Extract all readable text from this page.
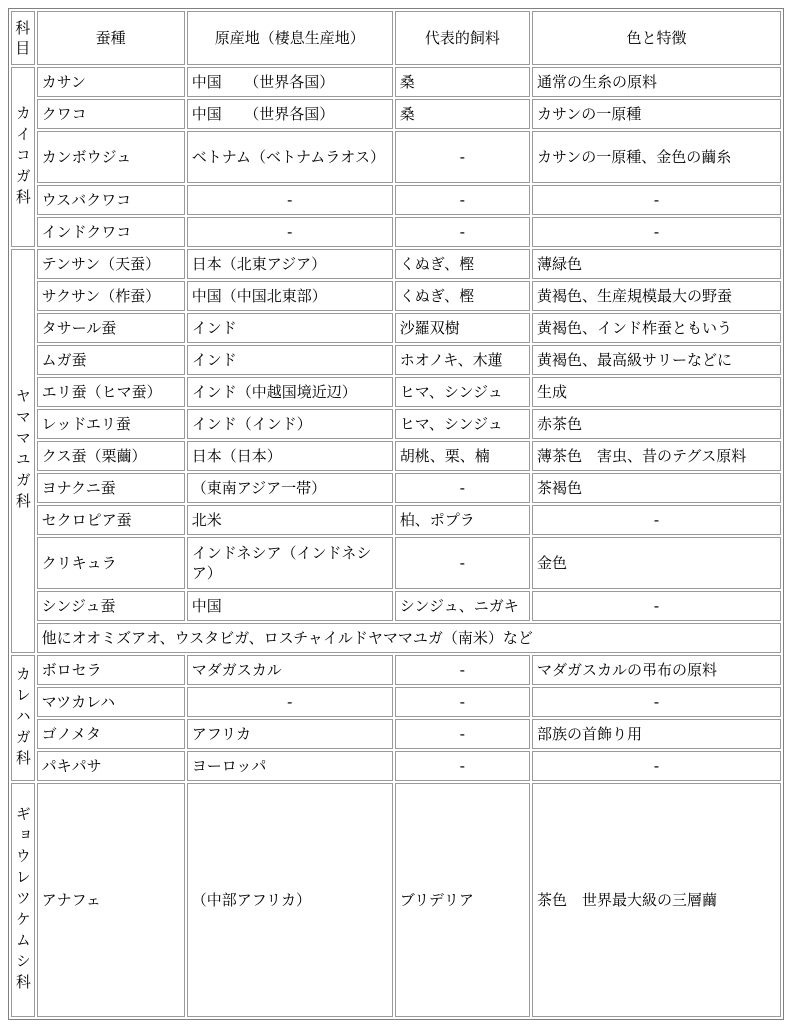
科
目	蚕種	原産地（棲息生産地）	代表的飼料	色と特徴
カイコガ科	カサン	中国　　（世界各国）	桑	通常の生糸の原料
	クワコ	中国　　（世界各国）	桑	カサンの一原種
	カンボウジュ	ベトナム（ベトナムラオス）	-	カサンの一原種、金色の繭糸
	ウスバクワコ	-	-	-
	インドクワコ	-	-	-
ヤママユガ科	テンサン（天蚕）	日本（北東アジア）	くぬぎ、樫	薄緑色
	サクサン（柞蚕）	中国（中国北東部）	くぬぎ、樫	黄褐色、生産規模最大の野蚕
	タサール蚕	インド	沙羅双樹	黄褐色、インド柞蚕ともいう
	ムガ蚕	インド	ホオノキ、木蓮	黄褐色、最高級サリーなどに
	エリ蚕（ヒマ蚕）	インド（中越国境近辺）	ヒマ、シンジュ	生成
	レッドエリ蚕	インド（インド）	ヒマ、シンジュ	赤茶色
	クス蚕（栗繭）	日本（日本）	胡桃、栗、楠	薄茶色　害虫、昔のテグス原料
	ヨナクニ蚕	（東南アジア一帯）	-	茶褐色
	セクロピア蚕	北米	柏、ポプラ	-
	クリキュラ	インドネシア（インドネシア）	-	金色
	シンジュ蚕	中国	シンジュ、ニガキ	-
	他にオオミズアオ、ウスタビガ、ロスチャイルドヤママユガ（南米）など			
カレハガ科	ボロセラ	マダガスカル	-	マダガスカルの弔布の原料
	マツカレハ	-	-	-
	ゴノメタ	アフリカ	-	部族の首飾り用
	パキパサ	ヨーロッパ	-	-
ギョウレツケムシ科	アナフェ	（中部アフリカ）	ブリデリア	茶色　世界最大級の三層繭
